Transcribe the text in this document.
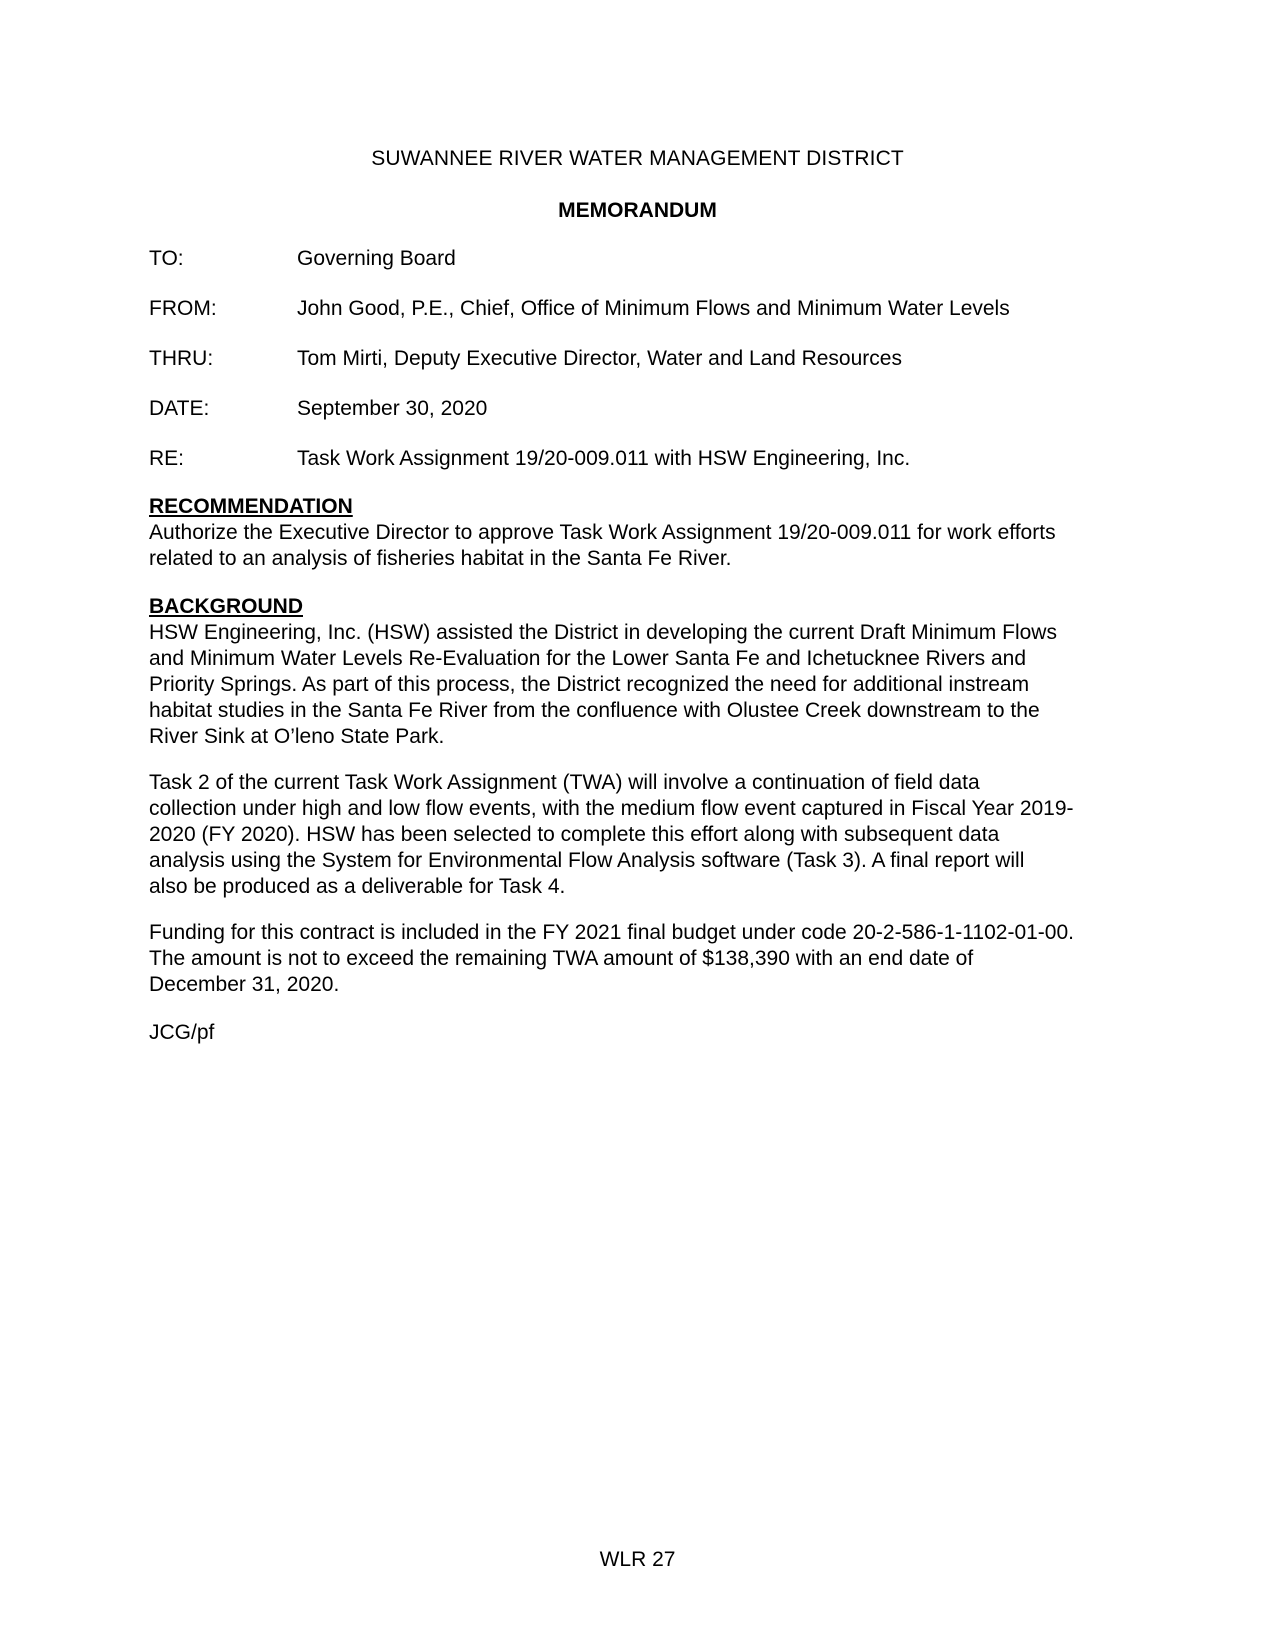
SUWANNEE RIVER WATER MANAGEMENT DISTRICT
MEMORANDUM
TO:	Governing Board
FROM:	John Good, P.E., Chief, Office of Minimum Flows and Minimum Water Levels
THRU:	Tom Mirti, Deputy Executive Director, Water and Land Resources
DATE:	September 30, 2020
RE:	Task Work Assignment 19/20-009.011 with HSW Engineering, Inc.
RECOMMENDATION
Authorize the Executive Director to approve Task Work Assignment 19/20-009.011 for work efforts
related to an analysis of fisheries habitat in the Santa Fe River.
BACKGROUND
HSW Engineering, Inc. (HSW) assisted the District in developing the current Draft Minimum Flows
and Minimum Water Levels Re-Evaluation for the Lower Santa Fe and Ichetucknee Rivers and
Priority Springs. As part of this process, the District recognized the need for additional instream
habitat studies in the Santa Fe River from the confluence with Olustee Creek downstream to the
River Sink at O’leno State Park.
Task 2 of the current Task Work Assignment (TWA) will involve a continuation of field data
collection under high and low flow events, with the medium flow event captured in Fiscal Year 2019-
2020 (FY 2020). HSW has been selected to complete this effort along with subsequent data
analysis using the System for Environmental Flow Analysis software (Task 3). A final report will
also be produced as a deliverable for Task 4.
Funding for this contract is included in the FY 2021 final budget under code 20-2-586-1-1102-01-00.
The amount is not to exceed the remaining TWA amount of $138,390 with an end date of
December 31, 2020.
JCG/pf
WLR 27
